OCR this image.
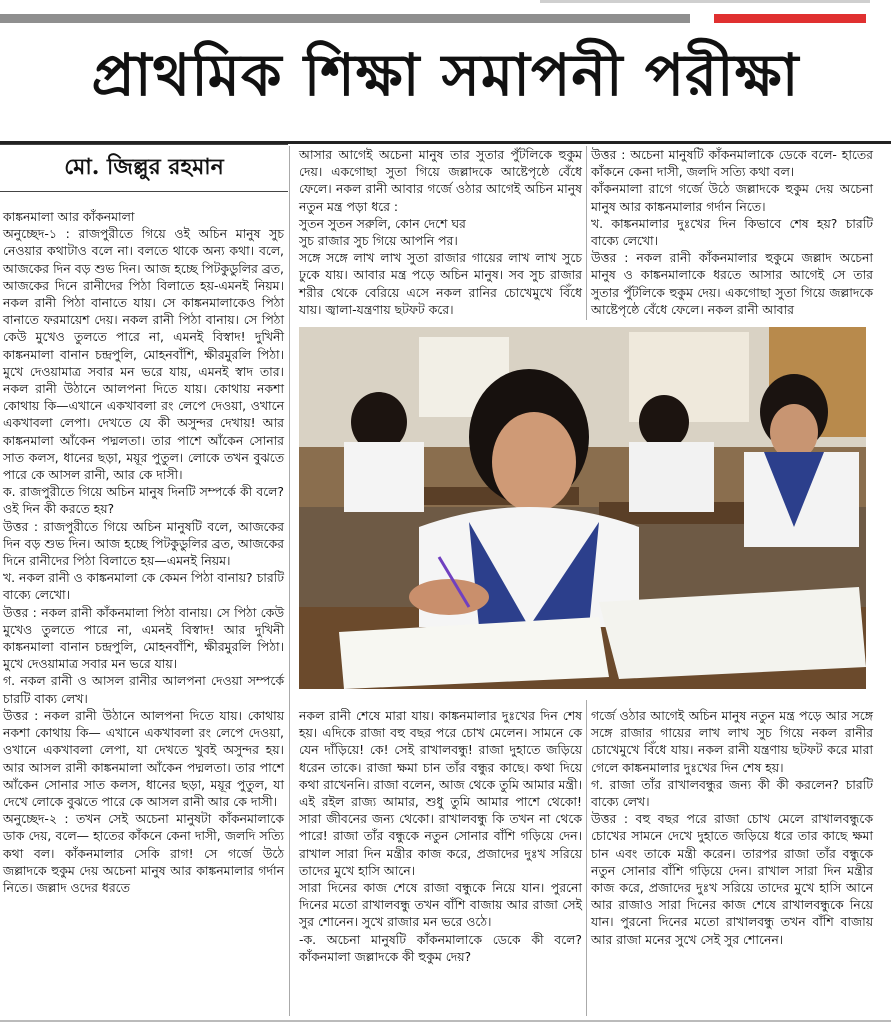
প্রাথমিক শিক্ষা সমাপনী পরীক্ষা
মো. জিল্লুর রহমান

কাঙ্কনমালা আর কাঁকনমালা
অনুচ্ছেদ-১ : রাজপুরীতে গিয়ে ওই অচিন মানুষ সুচ নেওয়ার কথাটাও বলে না। বলতে থাকে অন্য কথা। বলে, আজকের দিন বড় শুভ দিন। আজ হচ্ছে পিটকুডুলির ব্রত, আজকের দিনে রানীদের পিঠা বিলাতে হয়-এমনই নিয়ম। নকল রানী পিঠা বানাতে যায়। সে কাঙ্কনমালাকেও পিঠা বানাতে ফরমায়েশ দেয়। নকল রানী পিঠা বানায়। সে পিঠা কেউ মুখেও তুলতে পারে না, এমনই বিস্বাদ! দুখিনী কাঙ্কনমালা বানান চন্দ্রপুলি, মোহনবাঁশি, ক্ষীরমুরলি পিঠা। মুখে দেওয়ামাত্র সবার মন ভরে যায়, এমনই স্বাদ তার। নকল রানী উঠানে আলপনা দিতে যায়। কোথায় নকশা কোথায় কি—এখানে একখাবলা রং লেপে দেওয়া, ওখানে একখাবলা লেপা। দেখতে যে কী অসুন্দর দেখায়! আর কাঙ্কনমালা আঁকেন পদ্মলতা। তার পাশে আঁকেন সোনার সাত কলস, ধানের ছড়া, ময়ূর পুতুল। লোকে তখন বুঝতে পারে কে আসল রানী, আর কে দাসী।
ক. রাজপুরীতে গিয়ে অচিন মানুষ দিনটি সম্পর্কে কী বলে? ওই দিন কী করতে হয়?
উত্তর : রাজপুরীতে গিয়ে অচিন মানুষটি বলে, আজকের দিন বড় শুভ দিন। আজ হচ্ছে পিটকুডুলির ব্রত, আজকের দিনে রানীদের পিঠা বিলাতে হয়—এমনই নিয়ম।
খ. নকল রানী ও কাঙ্কনমালা কে কেমন পিঠা বানায়? চারটি বাক্যে লেখো।
উত্তর : নকল রানী কাঁকনমালা পিঠা বানায়। সে পিঠা কেউ মুখেও তুলতে পারে না, এমনই বিস্বাদ! আর দুখিনী কাঙ্কনমালা বানান চন্দ্রপুলি, মোহনবাঁশি, ক্ষীরমুরলি পিঠা। মুখে দেওয়ামাত্র সবার মন ভরে যায়।
গ. নকল রানী ও আসল রানীর আলপনা দেওয়া সম্পর্কে চারটি বাক্য লেখ।
উত্তর : নকল রানী উঠানে আলপনা দিতে যায়। কোথায় নকশা কোথায় কি— এখানে একখাবলা রং লেপে দেওয়া, ওখানে একখাবলা লেপা, যা দেখতে খুবই অসুন্দর হয়। আর আসল রানী কাঙ্কনমালা আঁকেন পদ্মলতা। তার পাশে আঁকেন সোনার সাত কলস, ধানের ছড়া, ময়ূর পুতুল, যা দেখে লোকে বুঝতে পারে কে আসল রানী আর কে দাসী।
অনুচ্ছেদ-২ : তখন সেই অচেনা মানুষটা কাঁকনমালাকে ডাক দেয়, বলে— হাতের কাঁকনে কেনা দাসী, জলদি সত্যি কথা বল। কাঁকনমালার সেকি রাগ! সে গর্জে উঠে জল্লাদকে হুকুম দেয় অচেনা মানুষ আর কাঙ্কনমালার গর্দান নিতে। জল্লাদ ওদের ধরতে

আসার আগেই অচেনা মানুষ তার সুতার পুঁটলিকে হুকুম দেয়। একগোছা সুতা গিয়ে জল্লাদকে আষ্টেপৃষ্ঠে বেঁধে ফেলে। নকল রানী আবার গর্জে ওঠার আগেই অচিন মানুষ নতুন মন্ত্র পড়া ধরে :
সুতন সুতন সরুলি, কোন দেশে ঘর
সুচ রাজার সুচ গিয়ে আপনি পর।
সঙ্গে সঙ্গে লাখ লাখ সুতা রাজার গায়ের লাখ লাখ সুচে ঢুকে যায়। আবার মন্ত্র পড়ে অচিন মানুষ। সব সুচ রাজার শরীর থেকে বেরিয়ে এসে নকল রানির চোখেমুখে বিঁধে যায়। জ্বালা-যন্ত্রণায় ছটফট করে।

উত্তর : অচেনা মানুষটি কাঁকনমালাকে ডেকে বলে- হাতের কাঁকনে কেনা দাসী, জলদি সত্যি কথা বল।
কাঁকনমালা রাগে গর্জে উঠে জল্লাদকে হুকুম দেয় অচেনা মানুষ আর কাঙ্কনমালার গর্দান নিতে।
খ. কাঙ্কনমালার দুঃখের দিন কিভাবে শেষ হয়? চারটি বাক্যে লেখো।
উত্তর : নকল রানী কাঁকনমালার হুকুমে জল্লাদ অচেনা মানুষ ও কাঙ্কনমালাকে ধরতে আসার আগেই সে তার সুতার পুঁটলিকে হুকুম দেয়। একগোছা সুতা গিয়ে জল্লাদকে আষ্টেপৃষ্ঠে বেঁধে ফেলে। নকল রানী আবার

নকল রানী শেষে মারা যায়। কাঙ্কনমালার দুঃখের দিন শেষ হয়। এদিকে রাজা বহু বছর পরে চোখ মেলেন। সামনে কে যেন দাঁড়িয়ে! কে! সেই রাখালবন্ধু! রাজা দুহাতে জড়িয়ে ধরেন তাকে। রাজা ক্ষমা চান তাঁর বন্ধুর কাছে। কথা দিয়ে কথা রাখেননি। রাজা বলেন, আজ থেকে তুমি আমার মন্ত্রী। এই রইল রাজ্য আমার, শুধু তুমি আমার পাশে থেকো! সারা জীবনের জন্য থেকো। রাখালবন্ধু কি তখন না থেকে পারে! রাজা তাঁর বন্ধুকে নতুন সোনার বাঁশি গড়িয়ে দেন। রাখাল সারা দিন মন্ত্রীর কাজ করে, প্রজাদের দুঃখ সরিয়ে তাদের মুখে হাসি আনে।
সারা দিনের কাজ শেষে রাজা বন্ধুকে নিয়ে যান। পুরনো দিনের মতো রাখালবন্ধু তখন বাঁশি বাজায় আর রাজা সেই সুর শোনেন। সুখে রাজার মন ভরে ওঠে।
-ক. অচেনা মানুষটি কাঁকনমালাকে ডেকে কী বলে? কাঁকনমালা জল্লাদকে কী হুকুম দেয়?

গর্জে ওঠার আগেই অচিন মানুষ নতুন মন্ত্র পড়ে আর সঙ্গে সঙ্গে রাজার গায়ের লাখ লাখ সুচ গিয়ে নকল রানীর চোখেমুখে বিঁধে যায়। নকল রানী যন্ত্রণায় ছটফট করে মারা গেলে কাঙ্কনমালার দুঃখের দিন শেষ হয়।
গ. রাজা তাঁর রাখালবন্ধুর জন্য কী কী করলেন? চারটি বাক্যে লেখ।
উত্তর : বহু বছর পরে রাজা চোখ মেলে রাখালবন্ধুকে চোখের সামনে দেখে দুহাতে জড়িয়ে ধরে তার কাছে ক্ষমা চান এবং তাকে মন্ত্রী করেন। তারপর রাজা তাঁর বন্ধুকে নতুন সোনার বাঁশি গড়িয়ে দেন। রাখাল সারা দিন মন্ত্রীর কাজ করে, প্রজাদের দুঃখ সরিয়ে তাদের মুখে হাসি আনে আর রাজাও সারা দিনের কাজ শেষে রাখালবন্ধুকে নিয়ে যান। পুরনো দিনের মতো রাখালবন্ধু তখন বাঁশি বাজায় আর রাজা মনের সুখে সেই সুর শোনেন।
